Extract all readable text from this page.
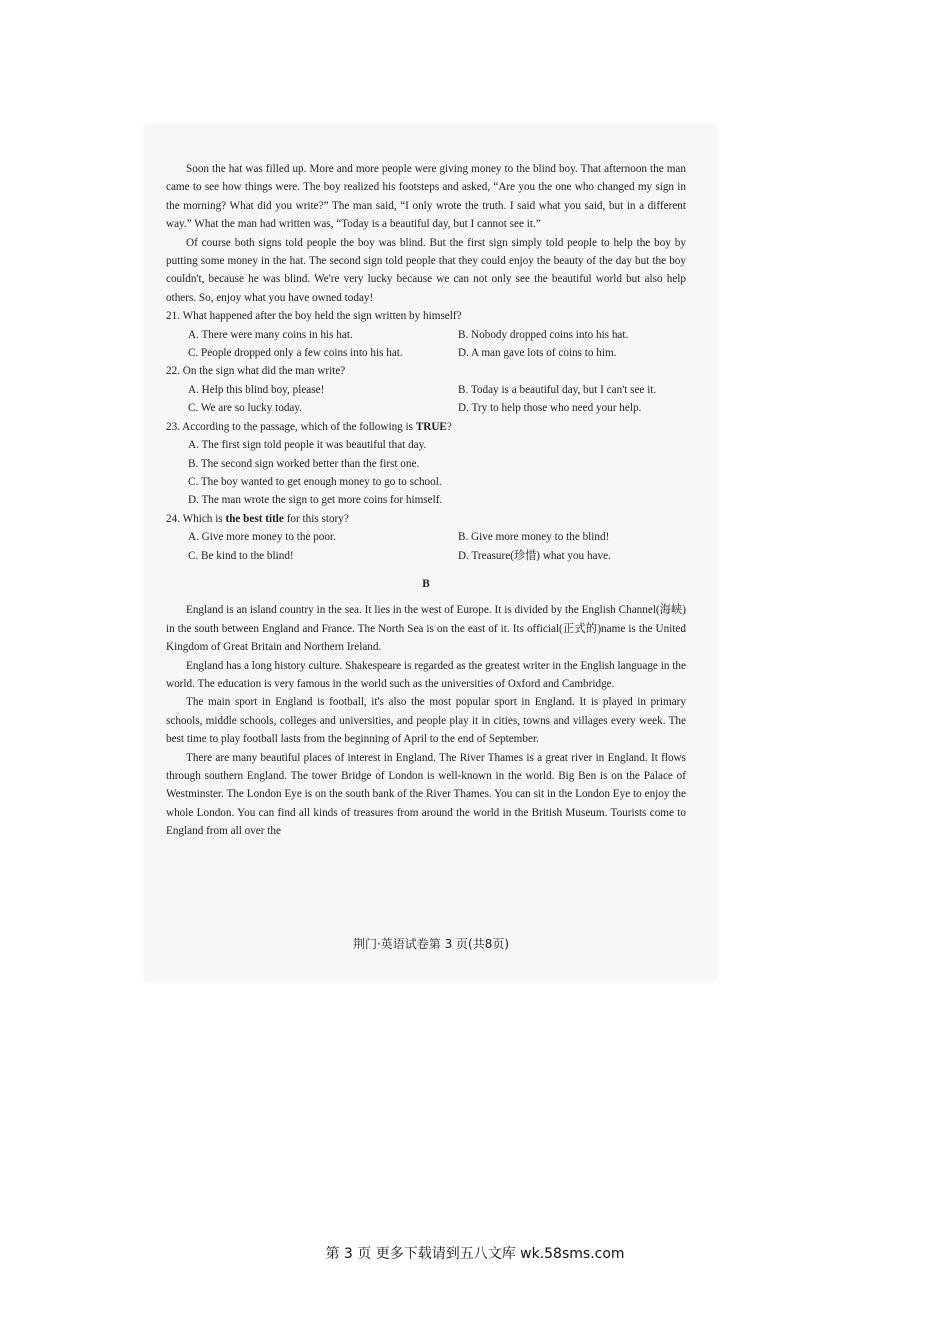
Soon the hat was filled up. More and more people were giving money to the blind boy. That afternoon the man came to see how things were. The boy realized his footsteps and asked, “Are you the one who changed my sign in the morning? What did you write?” The man said, “I only wrote the truth. I said what you said, but in a different way.” What the man had written was, “Today is a beautiful day, but I cannot see it.”

Of course both signs told people the boy was blind. But the first sign simply told people to help the boy by putting some money in the hat. The second sign told people that they could enjoy the beauty of the day but the boy couldn't, because he was blind. We're very lucky because we can not only see the beautiful world but also help others. So, enjoy what you have owned today!

21. What happened after the boy held the sign written by himself?
A. There were many coins in his hat.	B. Nobody dropped coins into his hat.
C. People dropped only a few coins into his hat.	D. A man gave lots of coins to him.
22. On the sign what did the man write?
A. Help this blind boy, please!	B. Today is a beautiful day, but I can't see it.
C. We are so lucky today.	D. Try to help those who need your help.
23. According to the passage, which of the following is TRUE?
A. The first sign told people it was beautiful that day.
B. The second sign worked better than the first one.
C. The boy wanted to get enough money to go to school.
D. The man wrote the sign to get more coins for himself.
24. Which is the best title for this story?
A. Give more money to the poor.	B. Give more money to the blind!
C. Be kind to the blind!	D. Treasure(珍惜) what you have.
B

England is an island country in the sea. It lies in the west of Europe. It is divided by the English Channel(海峡) in the south between England and France. The North Sea is on the east of it. Its official(正式的)name is the United Kingdom of Great Britain and Northern Ireland.

England has a long history culture. Shakespeare is regarded as the greatest writer in the English language in the world. The education is very famous in the world such as the universities of Oxford and Cambridge.

The main sport in England is football, it's also the most popular sport in England. It is played in primary schools, middle schools, colleges and universities, and people play it in cities, towns and villages every week. The best time to play football lasts from the beginning of April to the end of September.

There are many beautiful places of interest in England. The River Thames is a great river in England. It flows through southern England. The tower Bridge of London is well-known in the world. Big Ben is on the Palace of Westminster. The London Eye is on the south bank of the River Thames. You can sit in the London Eye to enjoy the whole London. You can find all kinds of treasures from around the world in the British Museum. Tourists come to England from all over the

荆门·英语试卷第 3 页(共8页)
第 3 页 更多下载请到五八文库 wk.58sms.com
